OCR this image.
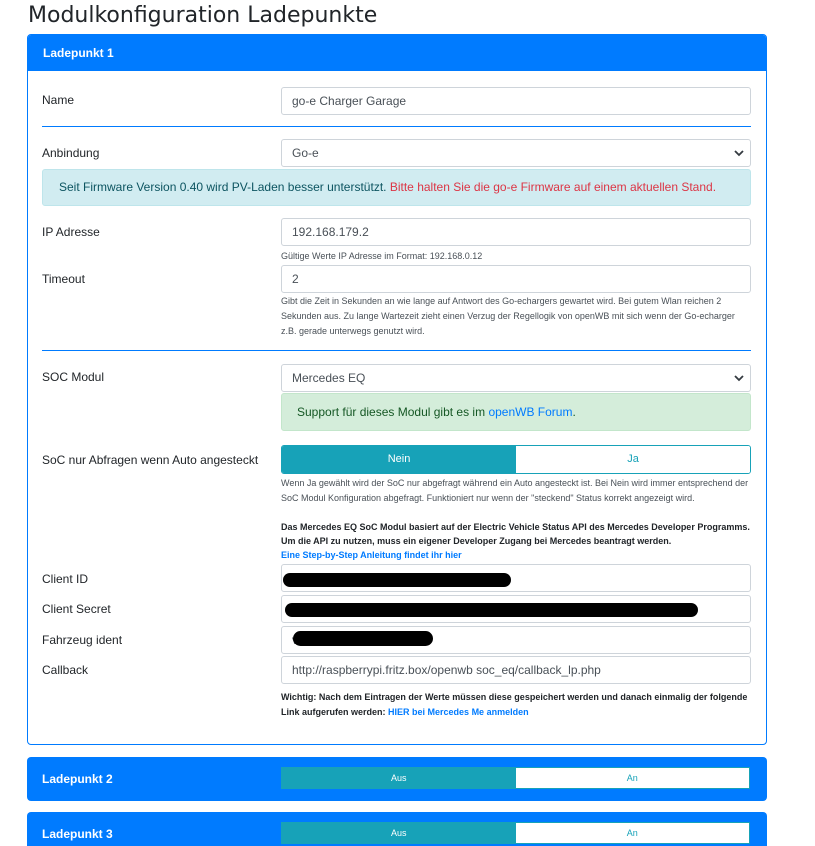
Modulkonfiguration Ladepunkte
Ladepunkt 1
Name	go-e Charger Garage
Anbindung	Go-e
Seit Firmware Version 0.40 wird PV-Laden besser unterstützt. Bitte halten Sie die go-e Firmware auf einem aktuellen Stand.
IP Adresse	192.168.179.2
Gültige Werte IP Adresse im Format: 192.168.0.12
Timeout	2
Gibt die Zeit in Sekunden an wie lange auf Antwort des Go-echargers gewartet wird. Bei gutem Wlan reichen 2 Sekunden aus. Zu lange Wartezeit zieht einen Verzug der Regellogik von openWB mit sich wenn der Go-echarger z.B. gerade unterwegs genutzt wird.
SOC Modul	Mercedes EQ
Support für dieses Modul gibt es im openWB Forum.
SoC nur Abfragen wenn Auto angesteckt	Nein	Ja
Wenn Ja gewählt wird der SoC nur abgefragt während ein Auto angesteckt ist. Bei Nein wird immer entsprechend der SoC Modul Konfiguration abgefragt. Funktioniert nur wenn der "steckend" Status korrekt angezeigt wird.
Das Mercedes EQ SoC Modul basiert auf der Electric Vehicle Status API des Mercedes Developer Programms. Um die API zu nutzen, muss ein eigener Developer Zugang bei Mercedes beantragt werden.
Eine Step-by-Step Anleitung findet ihr hier
Client ID
Client Secret
Fahrzeug ident
Callback	http://raspberrypi.fritz.box/openwb soc_eq/callback_lp.php
Wichtig: Nach dem Eintragen der Werte müssen diese gespeichert werden und danach einmalig der folgende Link aufgerufen werden: HIER bei Mercedes Me anmelden
Ladepunkt 2	Aus	An
Ladepunkt 3	Aus	An
